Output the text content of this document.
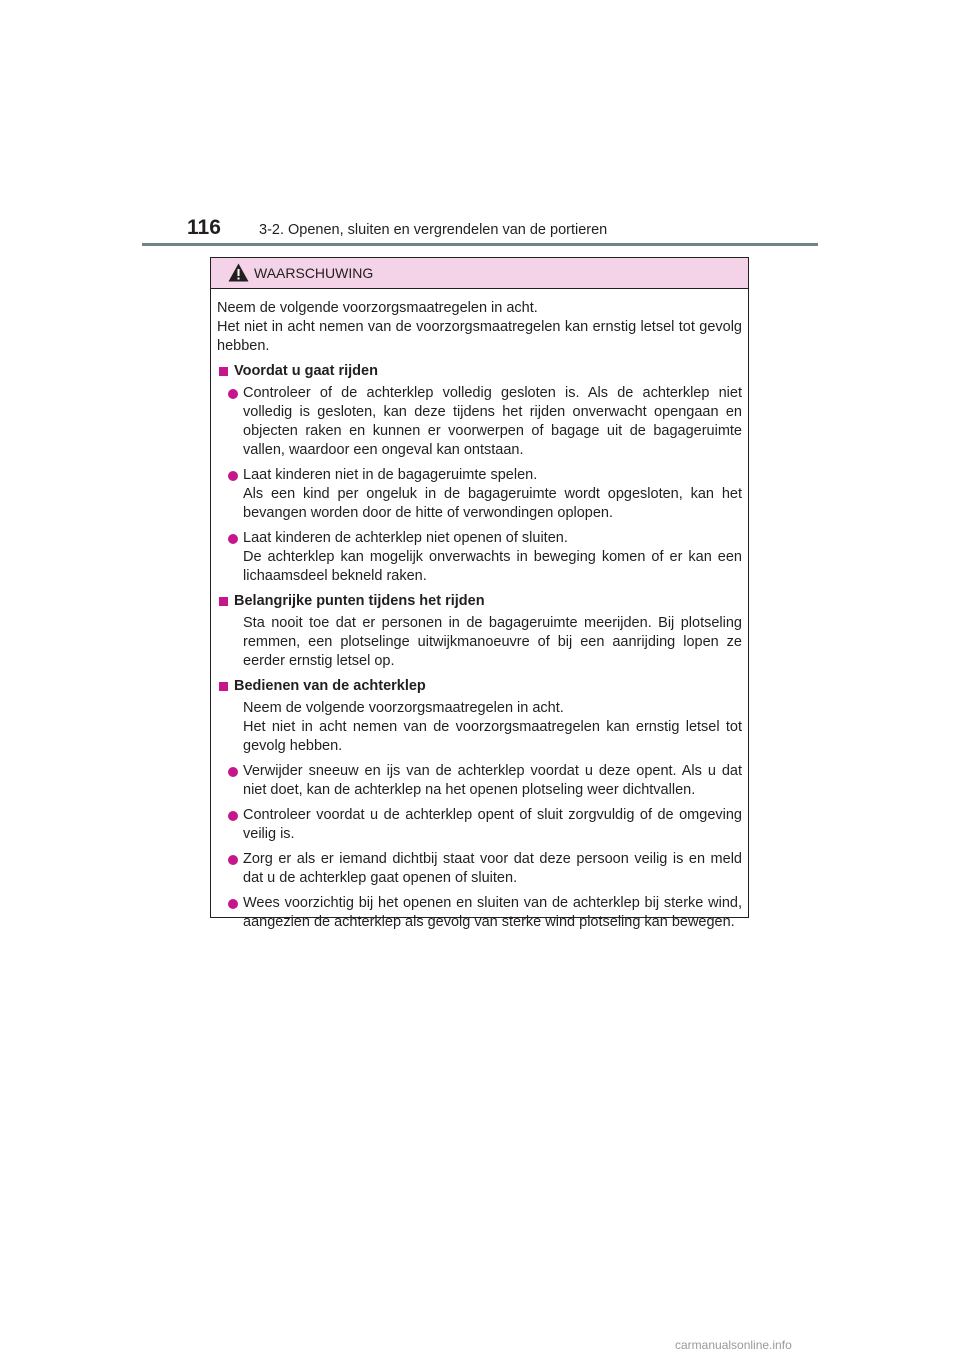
116	3-2. Openen, sluiten en vergrendelen van de portieren
WAARSCHUWING
Neem de volgende voorzorgsmaatregelen in acht.
Het niet in acht nemen van de voorzorgsmaatregelen kan ernstig letsel tot gevolg hebben.
Voordat u gaat rijden
Controleer of de achterklep volledig gesloten is. Als de achterklep niet volledig is gesloten, kan deze tijdens het rijden onverwacht opengaan en objecten raken en kunnen er voorwerpen of bagage uit de bagageruimte vallen, waardoor een ongeval kan ontstaan.
Laat kinderen niet in de bagageruimte spelen.
Als een kind per ongeluk in de bagageruimte wordt opgesloten, kan het bevangen worden door de hitte of verwondingen oplopen.
Laat kinderen de achterklep niet openen of sluiten.
De achterklep kan mogelijk onverwachts in beweging komen of er kan een lichaamsdeel bekneld raken.
Belangrijke punten tijdens het rijden
Sta nooit toe dat er personen in de bagageruimte meerijden. Bij plotseling remmen, een plotselinge uitwijkmanoeuvre of bij een aanrijding lopen ze eerder ernstig letsel op.
Bedienen van de achterklep
Neem de volgende voorzorgsmaatregelen in acht.
Het niet in acht nemen van de voorzorgsmaatregelen kan ernstig letsel tot gevolg hebben.
Verwijder sneeuw en ijs van de achterklep voordat u deze opent. Als u dat niet doet, kan de achterklep na het openen plotseling weer dichtvallen.
Controleer voordat u de achterklep opent of sluit zorgvuldig of de omgeving veilig is.
Zorg er als er iemand dichtbij staat voor dat deze persoon veilig is en meld dat u de achterklep gaat openen of sluiten.
Wees voorzichtig bij het openen en sluiten van de achterklep bij sterke wind, aangezien de achterklep als gevolg van sterke wind plotseling kan bewegen.
carmanualsonline.info
